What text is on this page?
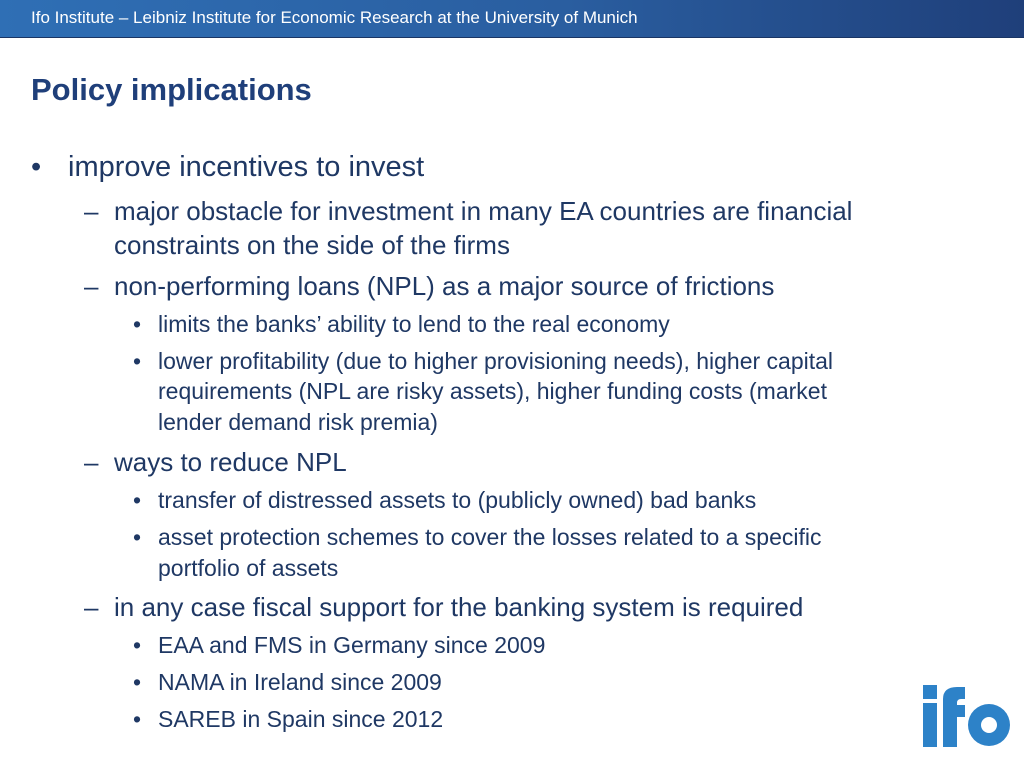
Ifo Institute – Leibniz Institute for Economic Research at the University of Munich
Policy implications
• improve incentives to invest
– major obstacle for investment in many EA countries are financial
constraints on the side of the firms
– non-performing loans (NPL) as a major source of frictions
• limits the banks’ ability to lend to the real economy
• lower profitability (due to higher provisioning needs), higher capital
requirements (NPL are risky assets), higher funding costs (market
lender demand risk premia)
– ways to reduce NPL
• transfer of distressed assets to (publicly owned) bad banks
• asset protection schemes to cover the losses related to a specific
portfolio of assets
– in any case fiscal support for the banking system is required
• EAA and FMS in Germany since 2009
• NAMA in Ireland since 2009
• SAREB in Spain since 2012
